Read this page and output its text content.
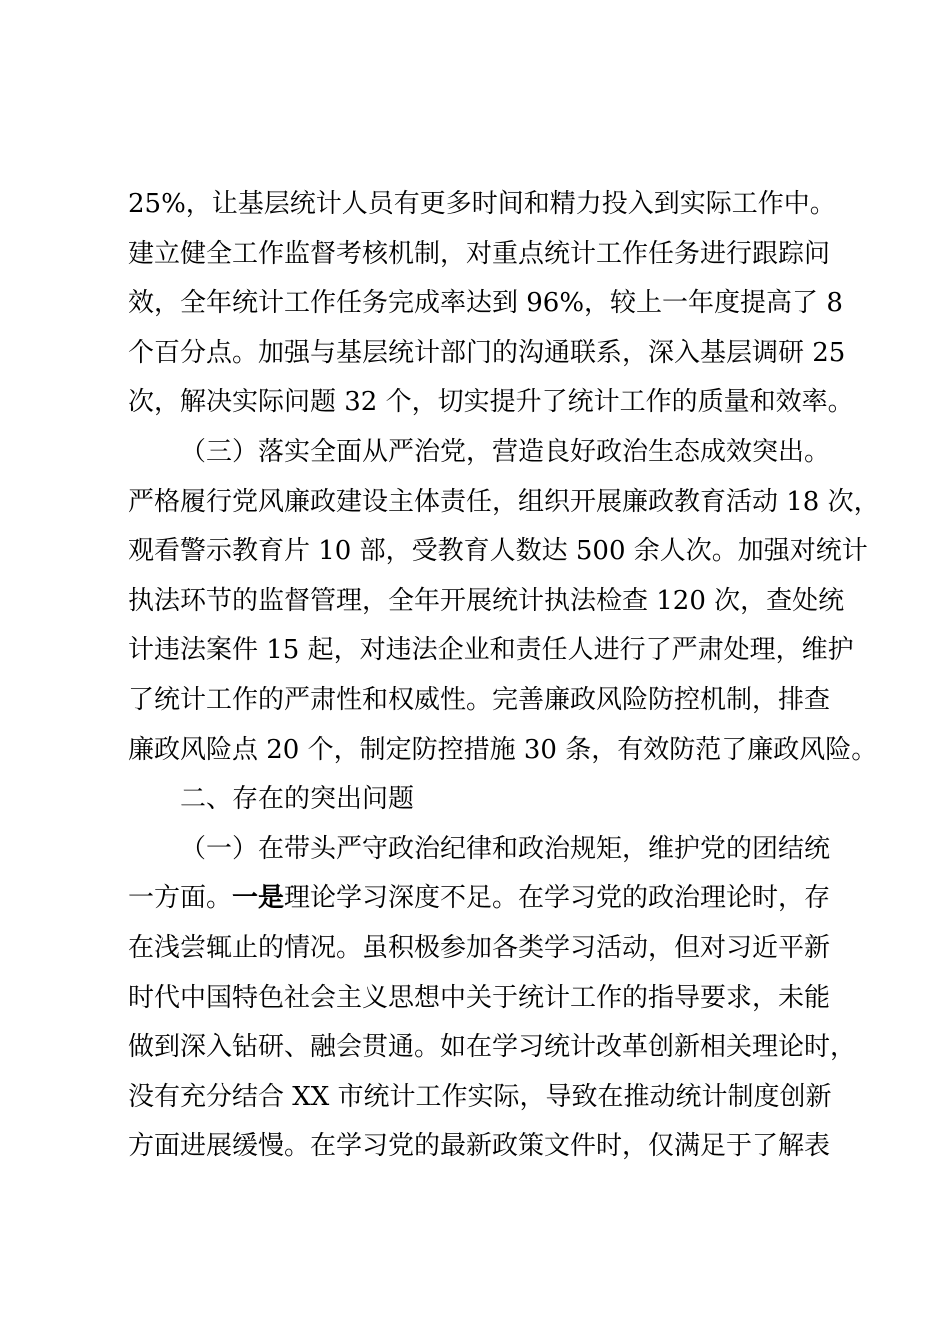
25%，让基层统计人员有更多时间和精力投入到实际工作中。
建立健全工作监督考核机制，对重点统计工作任务进行跟踪问
效，全年统计工作任务完成率达到 96%，较上一年度提高了 8
个百分点。加强与基层统计部门的沟通联系，深入基层调研 25
次，解决实际问题 32 个，切实提升了统计工作的质量和效率。
（三）落实全面从严治党，营造良好政治生态成效突出。
严格履行党风廉政建设主体责任，组织开展廉政教育活动 18 次，
观看警示教育片 10 部，受教育人数达 500 余人次。加强对统计
执法环节的监督管理，全年开展统计执法检查 120 次，查处统
计违法案件 15 起，对违法企业和责任人进行了严肃处理，维护
了统计工作的严肃性和权威性。完善廉政风险防控机制，排查
廉政风险点 20 个，制定防控措施 30 条，有效防范了廉政风险。
二、存在的突出问题
（一）在带头严守政治纪律和政治规矩，维护党的团结统
一方面。一是理论学习深度不足。在学习党的政治理论时，存
在浅尝辄止的情况。虽积极参加各类学习活动，但对习近平新
时代中国特色社会主义思想中关于统计工作的指导要求，未能
做到深入钻研、融会贯通。如在学习统计改革创新相关理论时，
没有充分结合 XX 市统计工作实际，导致在推动统计制度创新
方面进展缓慢。在学习党的最新政策文件时，仅满足于了解表
